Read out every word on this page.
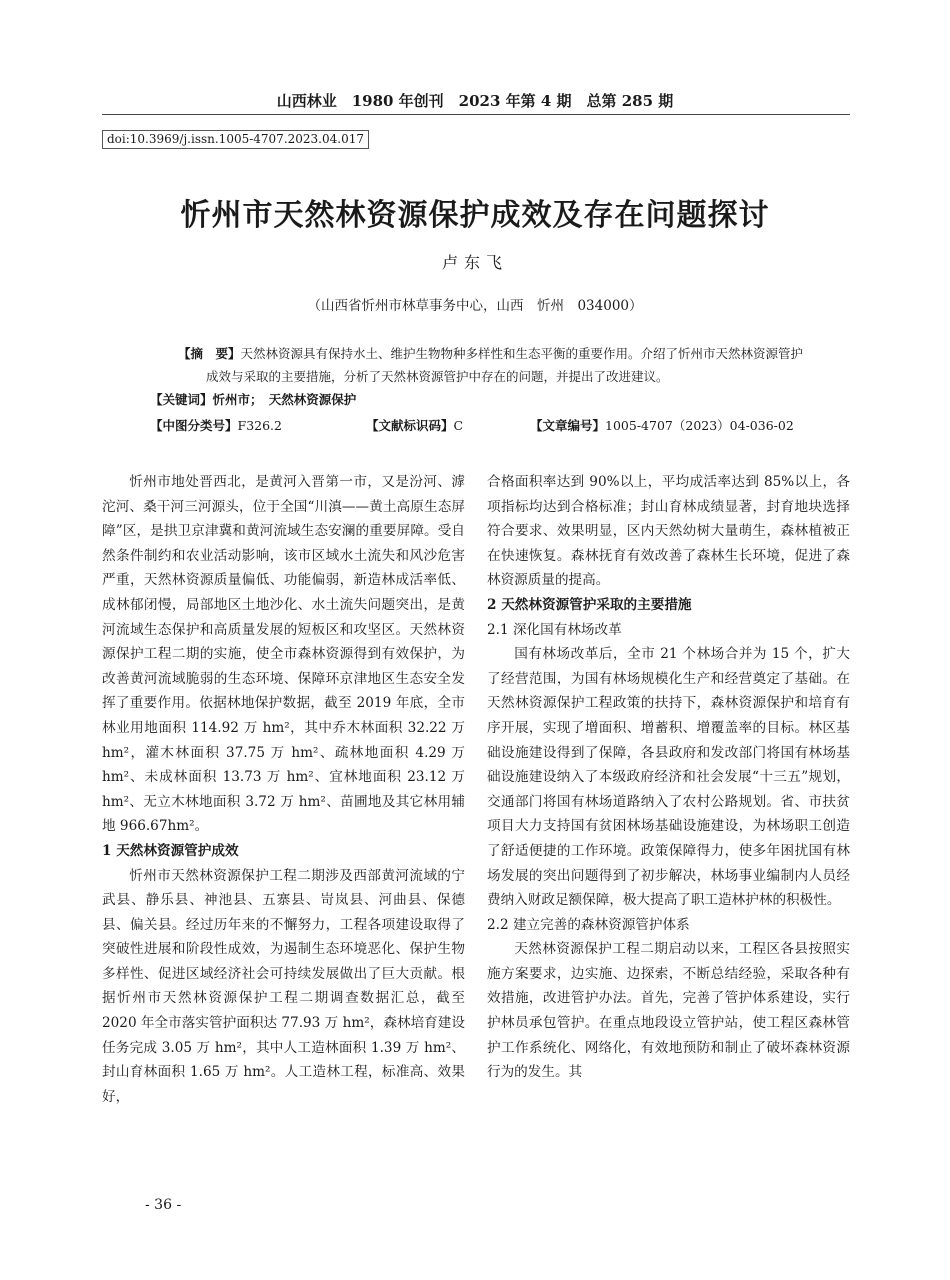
山西林业　1980 年创刊　2023 年第 4 期　总第 285 期
doi:10.3969/j.issn.1005-4707.2023.04.017
忻州市天然林资源保护成效及存在问题探讨
卢东飞
（山西省忻州市林草事务中心，山西　忻州　034000）
【摘　要】天然林资源具有保持水土、维护生物物种多样性和生态平衡的重要作用。介绍了忻州市天然林资源管护成效与采取的主要措施，分析了天然林资源管护中存在的问题，并提出了改进建议。
【关键词】忻州市；　天然林资源保护
【中图分类号】F326.2	【文献标识码】C	【文章编号】1005-4707（2023）04-036-02

忻州市地处晋西北，是黄河入晋第一市，又是汾河、滹沱河、桑干河三河源头，位于全国“川滇——黄土高原生态屏障”区，是拱卫京津冀和黄河流域生态安澜的重要屏障。受自然条件制约和农业活动影响，该市区域水土流失和风沙危害严重，天然林资源质量偏低、功能偏弱，新造林成活率低、成林郁闭慢，局部地区土地沙化、水土流失问题突出，是黄河流域生态保护和高质量发展的短板区和攻坚区。天然林资源保护工程二期的实施，使全市森林资源得到有效保护，为改善黄河流域脆弱的生态环境、保障环京津地区生态安全发挥了重要作用。依据林地保护数据，截至 2019 年底，全市林业用地面积 114.92 万 hm²，其中乔木林面积 32.22 万 hm²，灌木林面积 37.75 万 hm²、疏林地面积 4.29 万 hm²、未成林面积 13.73 万 hm²、宜林地面积 23.12 万 hm²、无立木林地面积 3.72 万 hm²、苗圃地及其它林用辅地 966.67hm²。

1 天然林资源管护成效

忻州市天然林资源保护工程二期涉及西部黄河流域的宁武县、静乐县、神池县、五寨县、岢岚县、河曲县、保德县、偏关县。经过历年来的不懈努力，工程各项建设取得了突破性进展和阶段性成效，为遏制生态环境恶化、保护生物多样性、促进区域经济社会可持续发展做出了巨大贡献。根据忻州市天然林资源保护工程二期调查数据汇总，截至 2020 年全市落实管护面积达 77.93 万 hm²，森林培育建设任务完成 3.05 万 hm²，其中人工造林面积 1.39 万 hm²、封山育林面积 1.65 万 hm²。人工造林工程，标准高、效果好，

合格面积率达到 90%以上，平均成活率达到 85%以上，各项指标均达到合格标准；封山育林成绩显著，封育地块选择符合要求、效果明显，区内天然幼树大量萌生，森林植被正在快速恢复。森林抚育有效改善了森林生长环境，促进了森林资源质量的提高。

2 天然林资源管护采取的主要措施
2.1 深化国有林场改革

国有林场改革后，全市 21 个林场合并为 15 个，扩大了经营范围，为国有林场规模化生产和经营奠定了基础。在天然林资源保护工程政策的扶持下，森林资源保护和培育有序开展，实现了增面积、增蓄积、增覆盖率的目标。林区基础设施建设得到了保障，各县政府和发改部门将国有林场基础设施建设纳入了本级政府经济和社会发展“十三五”规划，交通部门将国有林场道路纳入了农村公路规划。省、市扶贫项目大力支持国有贫困林场基础设施建设，为林场职工创造了舒适便捷的工作环境。政策保障得力，使多年困扰国有林场发展的突出问题得到了初步解决，林场事业编制内人员经费纳入财政足额保障，极大提高了职工造林护林的积极性。

2.2 建立完善的森林资源管护体系

天然林资源保护工程二期启动以来，工程区各县按照实施方案要求，边实施、边探索，不断总结经验，采取各种有效措施，改进管护办法。首先，完善了管护体系建设，实行护林员承包管护。在重点地段设立管护站，使工程区森林管护工作系统化、网络化，有效地预防和制止了破坏森林资源行为的发生。其

- 36 -
